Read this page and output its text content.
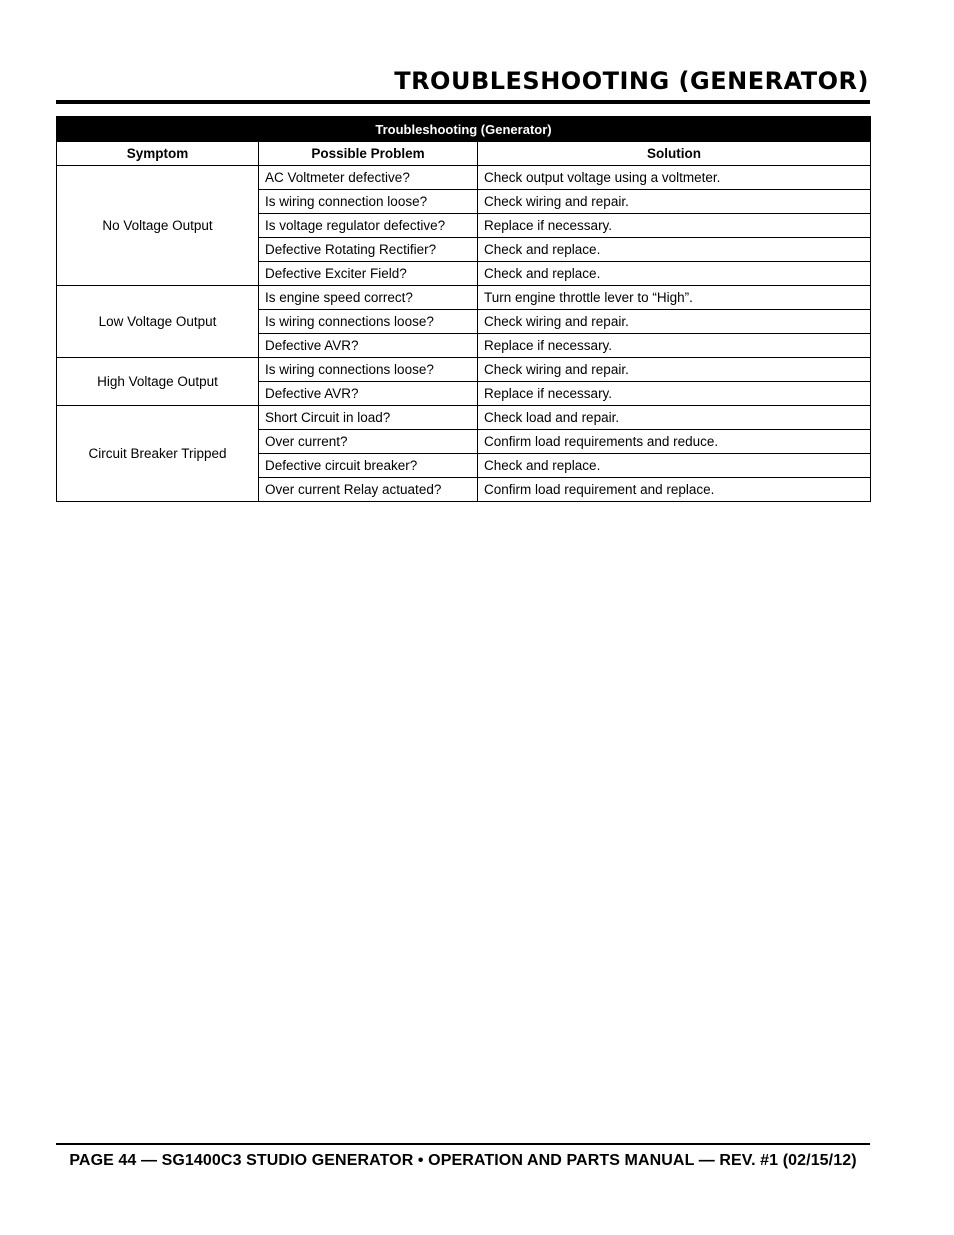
TROUBLESHOOTING (GENERATOR)
Troubleshooting (Generator)		
Symptom	Possible Problem	Solution
No Voltage Output	AC Voltmeter defective?	Check output voltage using a voltmeter.
	Is wiring connection loose?	Check wiring and repair.
	Is voltage regulator defective?	Replace if necessary.
	Defective Rotating Rectifier?	Check and replace.
	Defective Exciter Field?	Check and replace.
Low Voltage Output	Is engine speed correct?	Turn engine throttle lever to “High”.
	Is wiring connections loose?	Check wiring and repair.
	Defective AVR?	Replace if necessary.
High Voltage Output	Is wiring connections loose?	Check wiring and repair.
	Defective AVR?	Replace if necessary.
Circuit Breaker Tripped	Short Circuit in load?	Check load and repair.
	Over current?	Confirm load requirements and reduce.
	Defective circuit breaker?	Check and replace.
	Over current Relay actuated?	Confirm load requirement and replace.

PAGE 44 — SG1400C3 STUDIO GENERATOR • OPERATION AND PARTS MANUAL — REV. #1 (02/15/12)
